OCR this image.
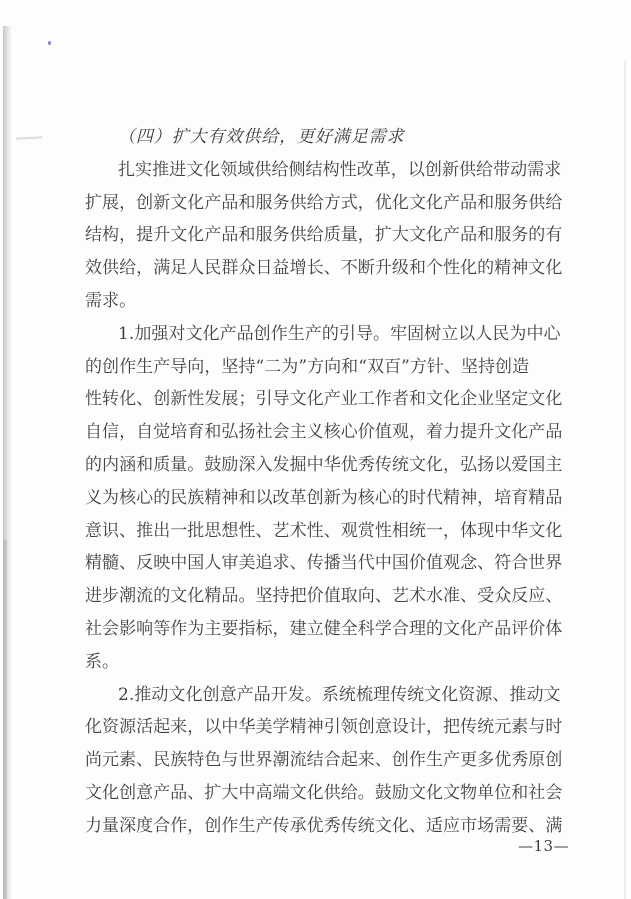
（四）扩大有效供给，更好满足需求

扎实推进文化领域供给侧结构性改革，以创新供给带动需求

扩展，创新文化产品和服务供给方式，优化文化产品和服务供给

结构，提升文化产品和服务供给质量，扩大文化产品和服务的有

效供给，满足人民群众日益增长、不断升级和个性化的精神文化

需求。

1.加强对文化产品创作生产的引导。牢固树立以人民为中心

的创作生产导向，坚持“二为”方向和“双百”方针、坚持创造

性转化、创新性发展；引导文化产业工作者和文化企业坚定文化

自信，自觉培育和弘扬社会主义核心价值观，着力提升文化产品

的内涵和质量。鼓励深入发掘中华优秀传统文化，弘扬以爱国主

义为核心的民族精神和以改革创新为核心的时代精神，培育精品

意识、推出一批思想性、艺术性、观赏性相统一，体现中华文化

精髓、反映中国人审美追求、传播当代中国价值观念、符合世界

进步潮流的文化精品。坚持把价值取向、艺术水准、受众反应、

社会影响等作为主要指标，建立健全科学合理的文化产品评价体

系。

2.推动文化创意产品开发。系统梳理传统文化资源、推动文

化资源活起来，以中华美学精神引领创意设计，把传统元素与时

尚元素、民族特色与世界潮流结合起来、创作生产更多优秀原创

文化创意产品、扩大中高端文化供给。鼓励文化文物单位和社会

力量深度合作，创作生产传承优秀传统文化、适应市场需要、满

—13—
